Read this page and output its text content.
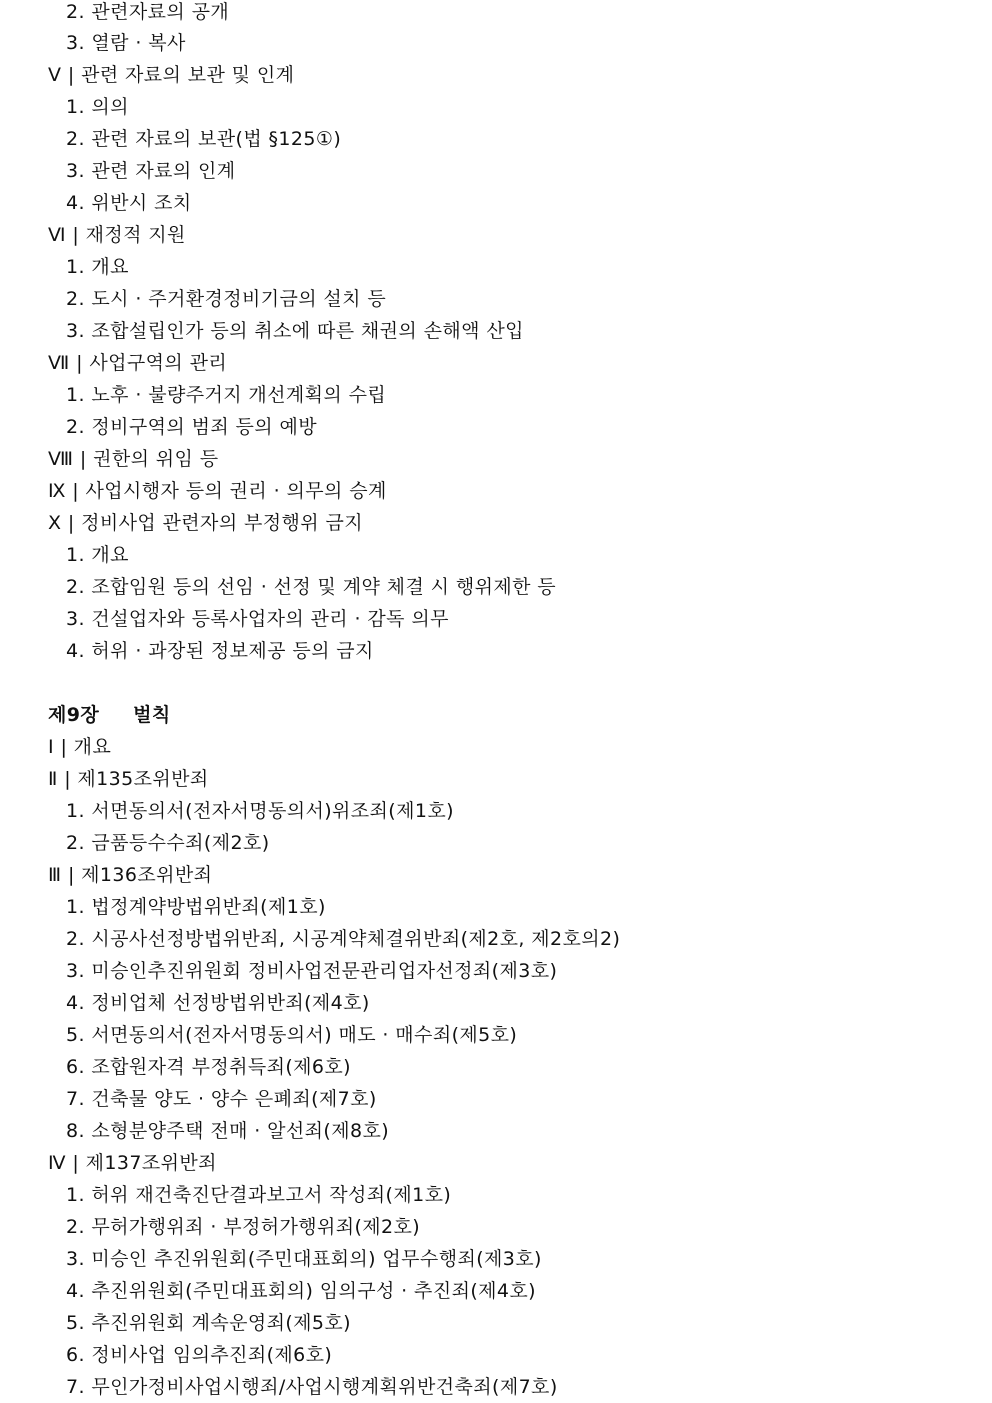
2. 관련자료의 공개
3. 열람 · 복사
Ⅴ | 관련 자료의 보관 및 인계
1. 의의
2. 관련 자료의 보관(법 §125①)
3. 관련 자료의 인계
4. 위반시 조치
Ⅵ | 재정적 지원
1. 개요
2. 도시 · 주거환경정비기금의 설치 등
3. 조합설립인가 등의 취소에 따른 채권의 손해액 산입
Ⅶ | 사업구역의 관리
1. 노후 · 불량주거지 개선계획의 수립
2. 정비구역의 범죄 등의 예방
Ⅷ | 권한의 위임 등
Ⅸ | 사업시행자 등의 권리 · 의무의 승계
Ⅹ | 정비사업 관련자의 부정행위 금지
1. 개요
2. 조합임원 등의 선임 · 선정 및 계약 체결 시 행위제한 등
3. 건설업자와 등록사업자의 관리 · 감독 의무
4. 허위 · 과장된 정보제공 등의 금지
제9장 벌칙
Ⅰ | 개요
Ⅱ | 제135조위반죄
1. 서면동의서(전자서명동의서)위조죄(제1호)
2. 금품등수수죄(제2호)
Ⅲ | 제136조위반죄
1. 법정계약방법위반죄(제1호)
2. 시공사선정방법위반죄, 시공계약체결위반죄(제2호, 제2호의2)
3. 미승인추진위원회 정비사업전문관리업자선정죄(제3호)
4. 정비업체 선정방법위반죄(제4호)
5. 서면동의서(전자서명동의서) 매도 · 매수죄(제5호)
6. 조합원자격 부정취득죄(제6호)
7. 건축물 양도 · 양수 은폐죄(제7호)
8. 소형분양주택 전매 · 알선죄(제8호)
Ⅳ | 제137조위반죄
1. 허위 재건축진단결과보고서 작성죄(제1호)
2. 무허가행위죄 · 부정허가행위죄(제2호)
3. 미승인 추진위원회(주민대표회의) 업무수행죄(제3호)
4. 추진위원회(주민대표회의) 임의구성 · 추진죄(제4호)
5. 추진위원회 계속운영죄(제5호)
6. 정비사업 임의추진죄(제6호)
7. 무인가정비사업시행죄/사업시행계획위반건축죄(제7호)
